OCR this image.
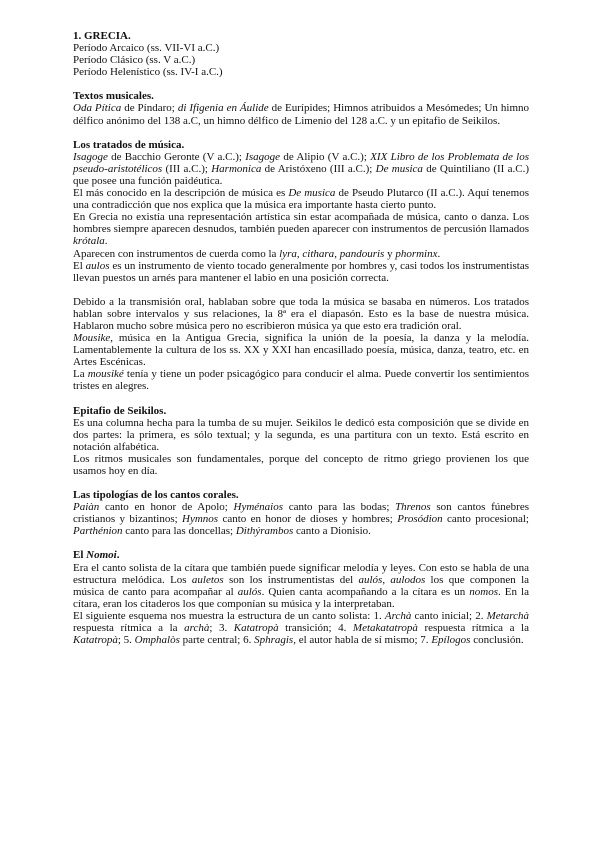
1. GRECIA.

Período Arcaico (ss. VII-VI a.C.)

Período Clásico (ss. V a.C.)

Período Helenístico (ss. IV-I a.C.)

Textos musicales.

Oda Pítica de Píndaro; di Ifigenia en Áulide de Eurípides; Himnos atribuidos a Mesómedes; Un himno délfico anónimo del 138 a.C, un himno délfico de Limenio del 128 a.C. y un epitafio de Seikilos.

Los tratados de música.

Isagoge de Bacchio Geronte (V a.C.); Isagoge de Alipio (V a.C.); XIX Libro de los Problemata de los pseudo-aristotélicos (III a.C.); Harmonica de Aristóxeno (III a.C.); De musica de Quintiliano (II a.C.) que posee una función paidéutica.

El más conocido en la descripción de música es De musica de Pseudo Plutarco (II a.C.). Aquí tenemos una contradicción que nos explica que la música era importante hasta cierto punto.

En Grecia no existía una representación artística sin estar acompañada de música, canto o danza. Los hombres siempre aparecen desnudos, también pueden aparecer con instrumentos de percusión llamados krótala.

Aparecen con instrumentos de cuerda como la lyra, cithara, pandouris y phorminx.

El aulos es un instrumento de viento tocado generalmente por hombres y, casi todos los instrumentistas llevan puestos un arnés para mantener el labio en una posición correcta.

Debido a la transmisión oral, hablaban sobre que toda la música se basaba en números. Los tratados hablan sobre intervalos y sus relaciones, la 8ª era el diapasón. Esto es la base de nuestra música. Hablaron mucho sobre música pero no escribieron música ya que esto era tradición oral.

Mousike, música en la Antigua Grecia, significa la unión de la poesía, la danza y la melodía. Lamentablemente la cultura de los ss. XX y XXI han encasillado poesía, música, danza, teatro, etc. en Artes Escénicas.

La mousiké tenía y tiene un poder psicagógico para conducir el alma. Puede convertir los sentimientos tristes en alegres.

Epitafio de Seikilos.

Es una columna hecha para la tumba de su mujer. Seikilos le dedicó esta composición que se divide en dos partes: la primera, es sólo textual; y la segunda, es una partitura con un texto. Está escrito en notación alfabética.

Los ritmos musicales son fundamentales, porque del concepto de ritmo griego provienen los que usamos hoy en día.

Las tipologías de los cantos corales.

Paiàn canto en honor de Apolo; Hyménaios canto para las bodas; Threnos son cantos fúnebres cristianos y bizantinos; Hymnos canto en honor de dioses y hombres; Prosódion canto procesional; Parthénion canto para las doncellas; Dithýrambos canto a Dionisio.

El Nomoi.

Era el canto solista de la cítara que también puede significar melodía y leyes. Con esto se habla de una estructura melódica. Los auletos son los instrumentistas del aulós, aulodos los que componen la música de canto para acompañar al aulós. Quien canta acompañando a la cítara es un nomos. En la cítara, eran los citaderos los que componían su música y la interpretaban.

El siguiente esquema nos muestra la estructura de un canto solista: 1. Archà canto inicial; 2. Metarchà respuesta rítmica a la archà; 3. Katatropà transición; 4. Metakatatropà respuesta rítmica a la Katatropà; 5. Omphalòs parte central; 6. Sphragis, el autor habla de sí mismo; 7. Epílogos conclusión.
